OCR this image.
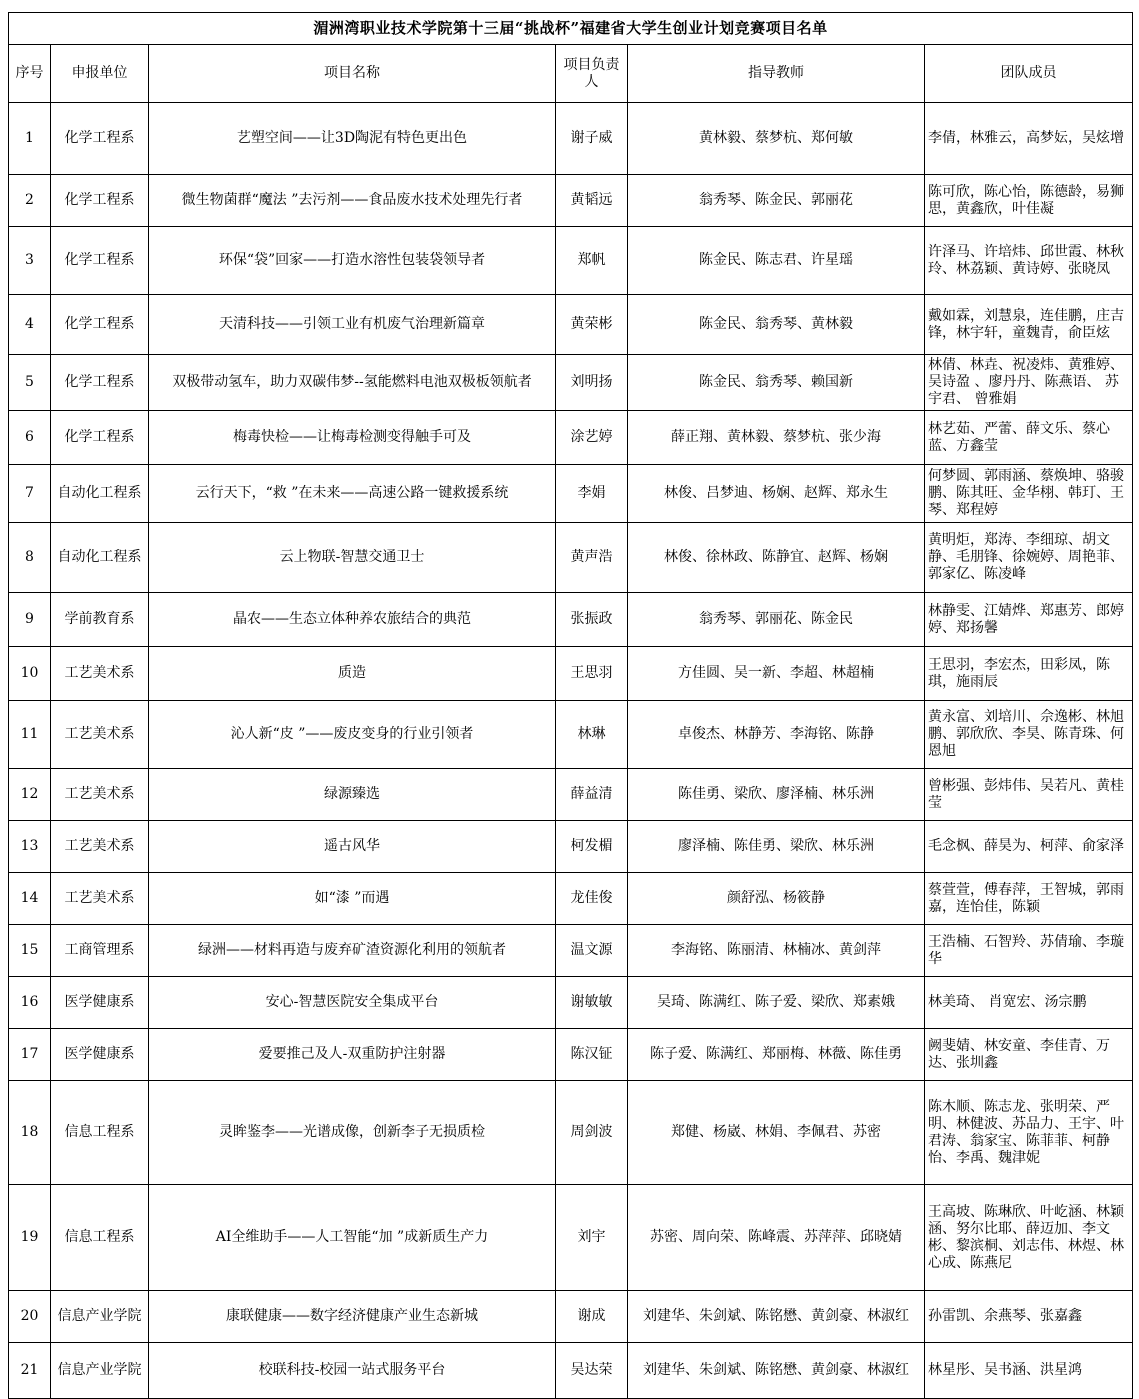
湄洲湾职业技术学院第十三届“挑战杯”福建省大学生创业计划竞赛项目名单					
序号	申报单位	项目名称	项目负责人	指导教师	团队成员
1	化学工程系	艺塑空间——让3D陶泥有特色更出色	谢子威	黄林毅、蔡梦杭、郑何敏	李倩，林雅云，高梦妘，吴炫增
2	化学工程系	微生物菌群“魔法 ”去污剂——食品废水技术处理先行者	黄韬远	翁秀琴、陈金民、郭丽花	陈可欣，陈心怡，陈德龄，易狮思，黄鑫欣，叶佳凝
3	化学工程系	环保“袋”回家——打造水溶性包装袋领导者	郑帆	陈金民、陈志君、许星瑶	许泽马、许培炜、邱世霞、林秋玲、林荔颖、黄诗婷、张晓凤
4	化学工程系	天清科技——引领工业有机废气治理新篇章	黄荣彬	陈金民、翁秀琴、黄林毅	戴如霖，刘慧泉，连佳鹏，庄吉锋，林宇轩，童魏青，俞臣炫
5	化学工程系	双极带动氢车，助力双碳伟梦--氢能燃料电池双极板领航者	刘明扬	陈金民、翁秀琴、赖国新	林倩、林垚、祝凌炜、黄雅婷、吴诗盈 、廖丹丹、陈燕语、 苏宇君、 曾雅娟
6	化学工程系	梅毒快检——让梅毒检测变得触手可及	涂艺婷	薛正翔、黄林毅、蔡梦杭、张少海	林艺茹、严蕾、薛文乐、蔡心蓝、方鑫莹
7	自动化工程系	云行天下，“救 ”在未来——高速公路一键救援系统	李娟	林俊、吕梦迪、杨娴、赵辉、郑永生	何梦圆、郭雨涵、蔡焕坤、骆骏鹏、陈其旺、金华栩、韩玎、王琴、郑程婷
8	自动化工程系	云上物联-智慧交通卫士	黄声浩	林俊、徐林政、陈静宜、赵辉、杨娴	黄明炬，郑涛、李细琼、胡文静、毛朋锋、徐婉婷、周艳菲、郭家亿、陈凌峰
9	学前教育系	晶农——生态立体种养农旅结合的典范	张振政	翁秀琴、郭丽花、陈金民	林静雯、江婧烨、郑惠芳、郎婷婷、郑扬馨
10	工艺美术系	质造	王思羽	方佳圆、吴一新、李超、林超楠	王思羽，李宏杰，田彩凤，陈琪，施雨辰
11	工艺美术系	沁人新“皮 ”——废皮变身的行业引领者	林琳	卓俊杰、林静芳、李海铭、陈静	黄永富、刘培川、佘逸彬、林旭鹏、郭欣欣、李昊、陈青珠、何恩旭
12	工艺美术系	绿源臻选	薛益清	陈佳勇、梁欣、廖泽楠、林乐洲	曾彬强、彭炜伟、吴若凡、黄桂莹
13	工艺美术系	遥古风华	柯发楣	廖泽楠、陈佳勇、梁欣、林乐洲	毛念枫、薛昊为、柯萍、俞家泽
14	工艺美术系	如“漆 ”而遇	龙佳俊	颜舒泓、杨筱静	蔡萱萱，傅春萍，王智城，郭雨嘉，连怡佳，陈颖
15	工商管理系	绿洲——材料再造与废弃矿渣资源化利用的领航者	温文源	李海铭、陈丽清、林楠冰、黄剑萍	王浩楠、石智羚、苏倩瑜、李璇华
16	医学健康系	安心-智慧医院安全集成平台	谢敏敏	吴琦、陈满红、陈子爱、梁欣、郑素娥	林美琦、 肖宽宏、汤宗鹏
17	医学健康系	爱要推己及人-双重防护注射器	陈汉钲	陈子爱、陈满红、郑丽梅、林薇、陈佳勇	阙斐婧、林安童、李佳青、万达、张圳鑫
18	信息工程系	灵眸鉴李——光谱成像，创新李子无损质检	周剑波	郑健、杨崴、林娟、李佩君、苏密	陈木顺、陈志龙、张明荣、严明、林健波、苏品力、王宇、叶君涛、翁家宝、陈菲菲、柯静怡、李禹、魏津妮
19	信息工程系	AI全维助手——人工智能“加 ”成新质生产力	刘宇	苏密、周向荣、陈峰震、苏萍萍、邱晓婧	王高坡、陈琳欣、叶屹涵、林颖涵、努尔比耶、薛迈加、李文彬、黎滨桐、刘志伟、林煜、林心成、陈燕尼
20	信息产业学院	康联健康——数字经济健康产业生态新城	谢成	刘建华、朱剑斌、陈铭懋、黄剑豪、林淑红	孙雷凯、余燕琴、张嘉鑫
21	信息产业学院	校联科技-校园一站式服务平台	吴达荣	刘建华、朱剑斌、陈铭懋、黄剑豪、林淑红	林星彤、吴书涵、洪星鸿
